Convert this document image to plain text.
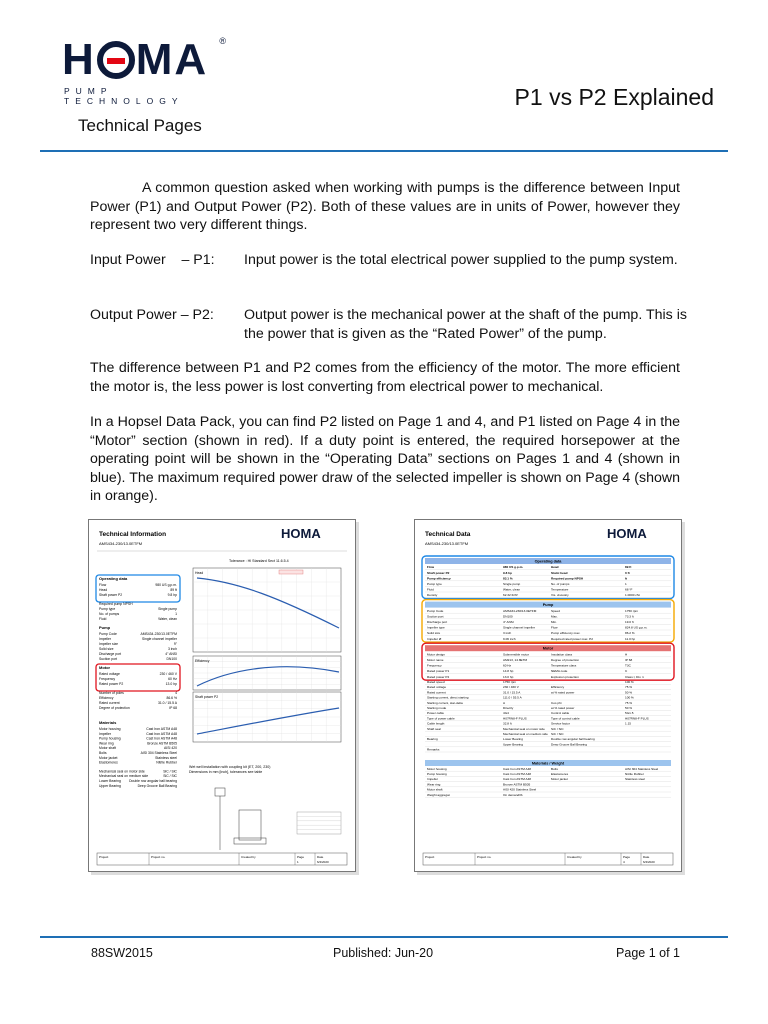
H MA ®
PUMP TECHNOLOGY	P1 vs P2 Explained
Technical Pages

A common question asked when working with pumps is the difference between Input Power (P1) and Output Power (P2). Both of these values are in units of Power, however they represent two very different things.

Input Power    – P1:	Input power is the total electrical power supplied to the pump system.
Output Power – P2:	Output power is the mechanical power at the shaft of the pump. This is the power that is given as the “Rated Power” of the pump.

The difference between P1 and P2 comes from the efficiency of the motor. The more efficient the motor is, the less power is lost converting from electrical power to mechanical.

In a Hopsel Data Pack, you can find P2 listed on Page 1 and 4, and P1 listed on Page 4 in the “Motor” section (shown in red). If a duty point is entered, the required horsepower at the operating point will be shown in the “Operating Data” sections on Pages 1 and 4 (shown in blue). The maximum required power draw of the selected impeller is shown on Page 4 (shown in orange).

Technical Information
AMS434-230/13.0ETFM
HOMA
Tolerance : HI Standard Sect 11.6.5.4
Operating data
Flow	980 US g.p.m.
Head	89 ft
Shaft power P2	9.8 hp
Required pump NPSH
Pump type	Single pump
No. of pumps	1
Fluid	Water, clean
Pump
Pump Code	AMS434-230/13.0ETFM
Impeller	Single channel impeller
Impeller size	9"
Solid size	3 inch
Discharge port	4" ANSI
Suction port	DN100
Motor
Rated voltage	230 / 460 V
Frequency	60 Hz
Rated power P2	13.0 hp
Number of poles	4
Efficiency	86.6 %
Rated current	31.0 / 15.5 A
Degree of protection	IP 68
Materials
Motor housing	Cast Iron ASTM A48
Impeller	Cast Iron ASTM A48
Pump housing	Cast Iron ASTM A48
Wear ring	Bronze ASTM B505
Motor shaft	AISI 420
Bolts	AISI 304 Stainless Steel
Motor jacket	Stainless steel
Elastomeres	Nitrile Rubber
Mechanical seal on motor side	SiC / SiC
Mechanical seal on medium side	SiC / SiC
Lower Bearing Double row angular ball bearing
Upper Bearing	Deep Groove Ball Bearing
Head
Efficiency
Shaft power P2
Wet well installation with coupling kit (ET, 200, 230)
Dimensions in mm [inch], tolerances see table
Project	Project no.	Created by	Page
1
Date
6/4/2020
Technical Data
AMS434-230/13.0ETFM
HOMA
Operating data
Flow	980 US g.p.m.	Head	89 ft
Shaft power P2	9.8 hp	Static head	0 ft
Pump efficiency	83.1 %	Required pump NPSH	ft
Pump type	Single pump	No. of pumps	1
Fluid	Water, clean	Temperature	68 °F
Density	62.32 lb/ft³	Vis. viscosity	1.0000 cSt
Pump
Pump Code	AMS434-230/13.0ETFM	Speed	1750 rpm
Suction port	DN100	Max.	73.3 ft
Discharge port	4" ANSI	Min.	19.0 ft
Impeller type	Single channel impeller	Flow	824.8 US g.p.m.
Solid size	3 inch	Pump efficiency max.	86.2 %
Impeller Ø	9.06 inch	Required rated power max. P2	11.0 hp
Motor
Motor design	Submersible motor	Insulation class	H
Motor name	AM213, 14.8ETM	Degree of protection	IP 68
Frequency	60 Hz	Temperature class	T3C
Rated power P1	14.8 hp	NEMA code	C
Rated power P2	13.0 hp	Explosion protection	Class I, Div. 1
Rated speed	1750 rpm	100 %
Rated voltage	230 / 460 V	Efficiency	75 %
Rated current	31.0 / 15.5 A	at % rated power	50 %
Starting current, direct starting	111.0 / 55.5 A	100 %
Starting current, star-delta	A	Cos phi	75 %
Starting mode	Directly	at % rated power	50 %
Power cable	4G4	Control cable	5G1.5
Type of power cable	H07RN8-F PLUS	Type of control cable	H07RN8-F PLUS
Cable length	32.8 ft	Service factor	1.15
Shaft seal	Mechanical seal on motor side SiC / SiC
Mechanical seal on medium side SiC / SiC
Bearing	Lower Bearing	Double row angular ball bearing
Upper Bearing	Deep Groove Ball Bearing
Remarks
Materials / Weight
Motor housing	Cast Iron ASTM A48	Bolts	AISI 304 Stainless Steel
Pump housing	Cast Iron ASTM A48	Elastomeres	Nitrile Rubber
Impeller	Cast Iron ASTM A48	Motor jacket	Stainless steel
Wear ring	Bronze ASTM B505
Motor shaft	AISI 420 Stainless Steel
Weight aggregat	On demand/lb
Project	Project no.	Created by	Page
4
Date
6/4/2020
88SW2015	Published: Jun-20	Page 1 of 1
